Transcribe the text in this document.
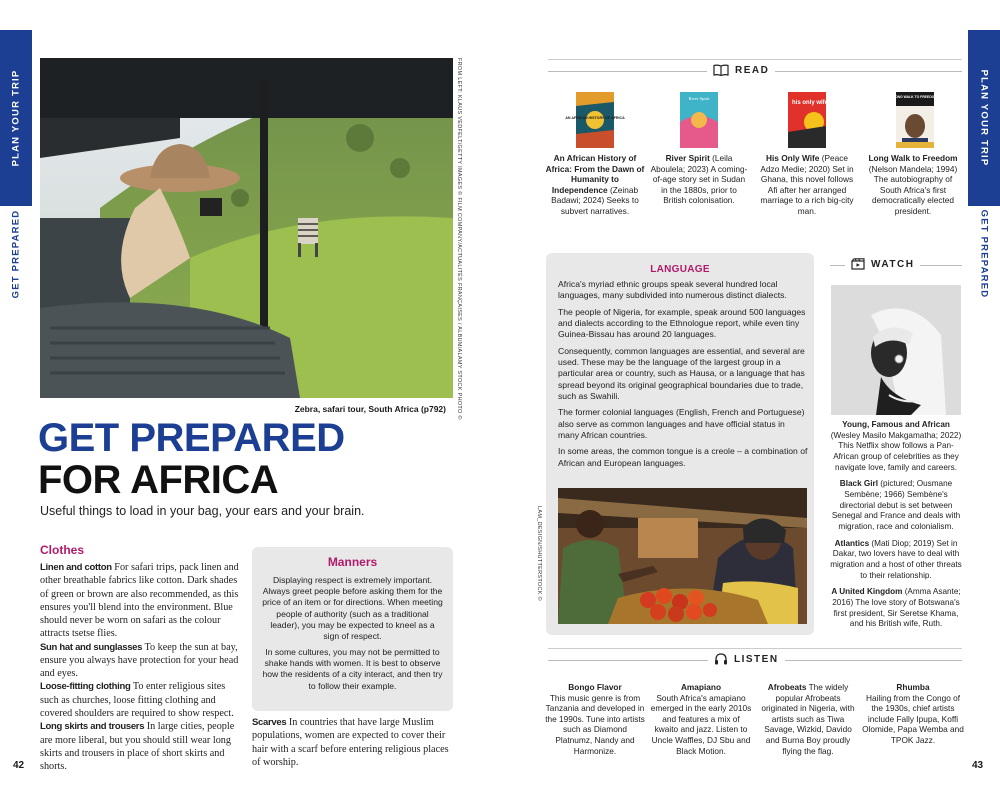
PLAN YOUR TRIP
GET PREPARED
PLAN YOUR TRIP
GET PREPARED
42	43
FROM LEFT: KLAUS VEDFELT/GETTY IMAGES © FILM COMPANY/ACTUALITÉS FRANÇAISES / ALBUM/ALAMY STOCK PHOTO ©
Zebra, safari tour, South Africa (p792)
GET PREPARED
FOR AFRICA
Useful things to load in your bag, your ears and your brain.
Clothes

Linen and cotton For safari trips, pack linen and other breathable fabrics like cotton. Dark shades of green or brown are also recommended, as this ensures you'll blend into the environment. Blue should never be worn on safari as the colour attracts tsetse flies.

Sun hat and sunglasses To keep the sun at bay, ensure you always have protection for your head and eyes.

Loose-fitting clothing To enter religious sites such as churches, loose fitting clothing and covered shoulders are required to show respect.

Long skirts and trousers In large cities, people are more liberal, but you should still wear long skirts and trousers in place of short skirts and shorts.

Manners

Displaying respect is extremely important. Always greet people before asking them for the price of an item or for directions. When meeting people of authority (such as a traditional leader), you may be expected to kneel as a sign of respect.

In some cultures, you may not be permitted to shake hands with women. It is best to observe how the residents of a city interact, and then try to follow their example.

Scarves In countries that have large Muslim populations, women are expected to cover their hair with a scarf before entering religious places of worship.

READ
AN AFRICAN HISTORY OF AFRICA
River Spirit
his only wife
LONG WALK TO FREEDOM
An African History of Africa: From the Dawn of Humanity to Independence (Zeinab Badawi; 2024) Seeks to subvert narratives.
River Spirit (Leila Aboulela; 2023) A coming-of-age story set in Sudan in the 1880s, prior to British colonisation.
His Only Wife (Peace Adzo Medie; 2020) Set in Ghana, this novel follows Afi after her arranged marriage to a rich big-city man.
Long Walk to Freedom (Nelson Mandela; 1994) The autobiography of South Africa's first democratically elected president.
LANGUAGE

Africa's myriad ethnic groups speak several hundred local languages, many subdivided into numerous distinct dialects.

The people of Nigeria, for example, speak around 500 languages and dialects according to the Ethnologue report, while even tiny Guinea-Bissau has around 20 languages.

Consequently, common languages are essential, and several are used. These may be the language of the largest group in a particular area or country, such as Hausa, or a language that has spread beyond its original geographical boundaries due to trade, such as Swahili.

The former colonial languages (English, French and Portuguese) also serve as common languages and have official status in many African countries.

In some areas, the common tongue is a creole – a combination of African and European languages.

LAM_DESIGN/SHUTTERSTOCK ©
WATCH

Young, Famous and African
(Wesley Masilo Makgamatha; 2022) This Netflix show follows a Pan-African group of celebrities as they navigate love, family and careers.

Black Girl (pictured; Ousmane Sembène; 1966) Sembène's directorial debut is set between Senegal and France and deals with migration, race and colonialism.

Atlantics (Mati Diop; 2019) Set in Dakar, two lovers have to deal with migration and a host of other threats to their relationship.

A United Kingdom (Amma Asante; 2016) The love story of Botswana's first president, Sir Seretse Khama, and his British wife, Ruth.

LISTEN
Bongo Flavor
This music genre is from Tanzania and developed in the 1990s. Tune into artists such as Diamond Platnumz, Nandy and Harmonize.
Amapiano
South Africa's amapiano emerged in the early 2010s and features a mix of kwaito and jazz. Listen to Uncle Waffles, DJ Sbu and Black Motion.
Afrobeats The widely popular Afrobeats originated in Nigeria, with artists such as Tiwa Savage, Wizkid, Davido and Burna Boy proudly flying the flag.
Rhumba
Hailing from the Congo of the 1930s, chief artists include Fally Ipupa, Koffi Olomide, Papa Wemba and TPOK Jazz.
